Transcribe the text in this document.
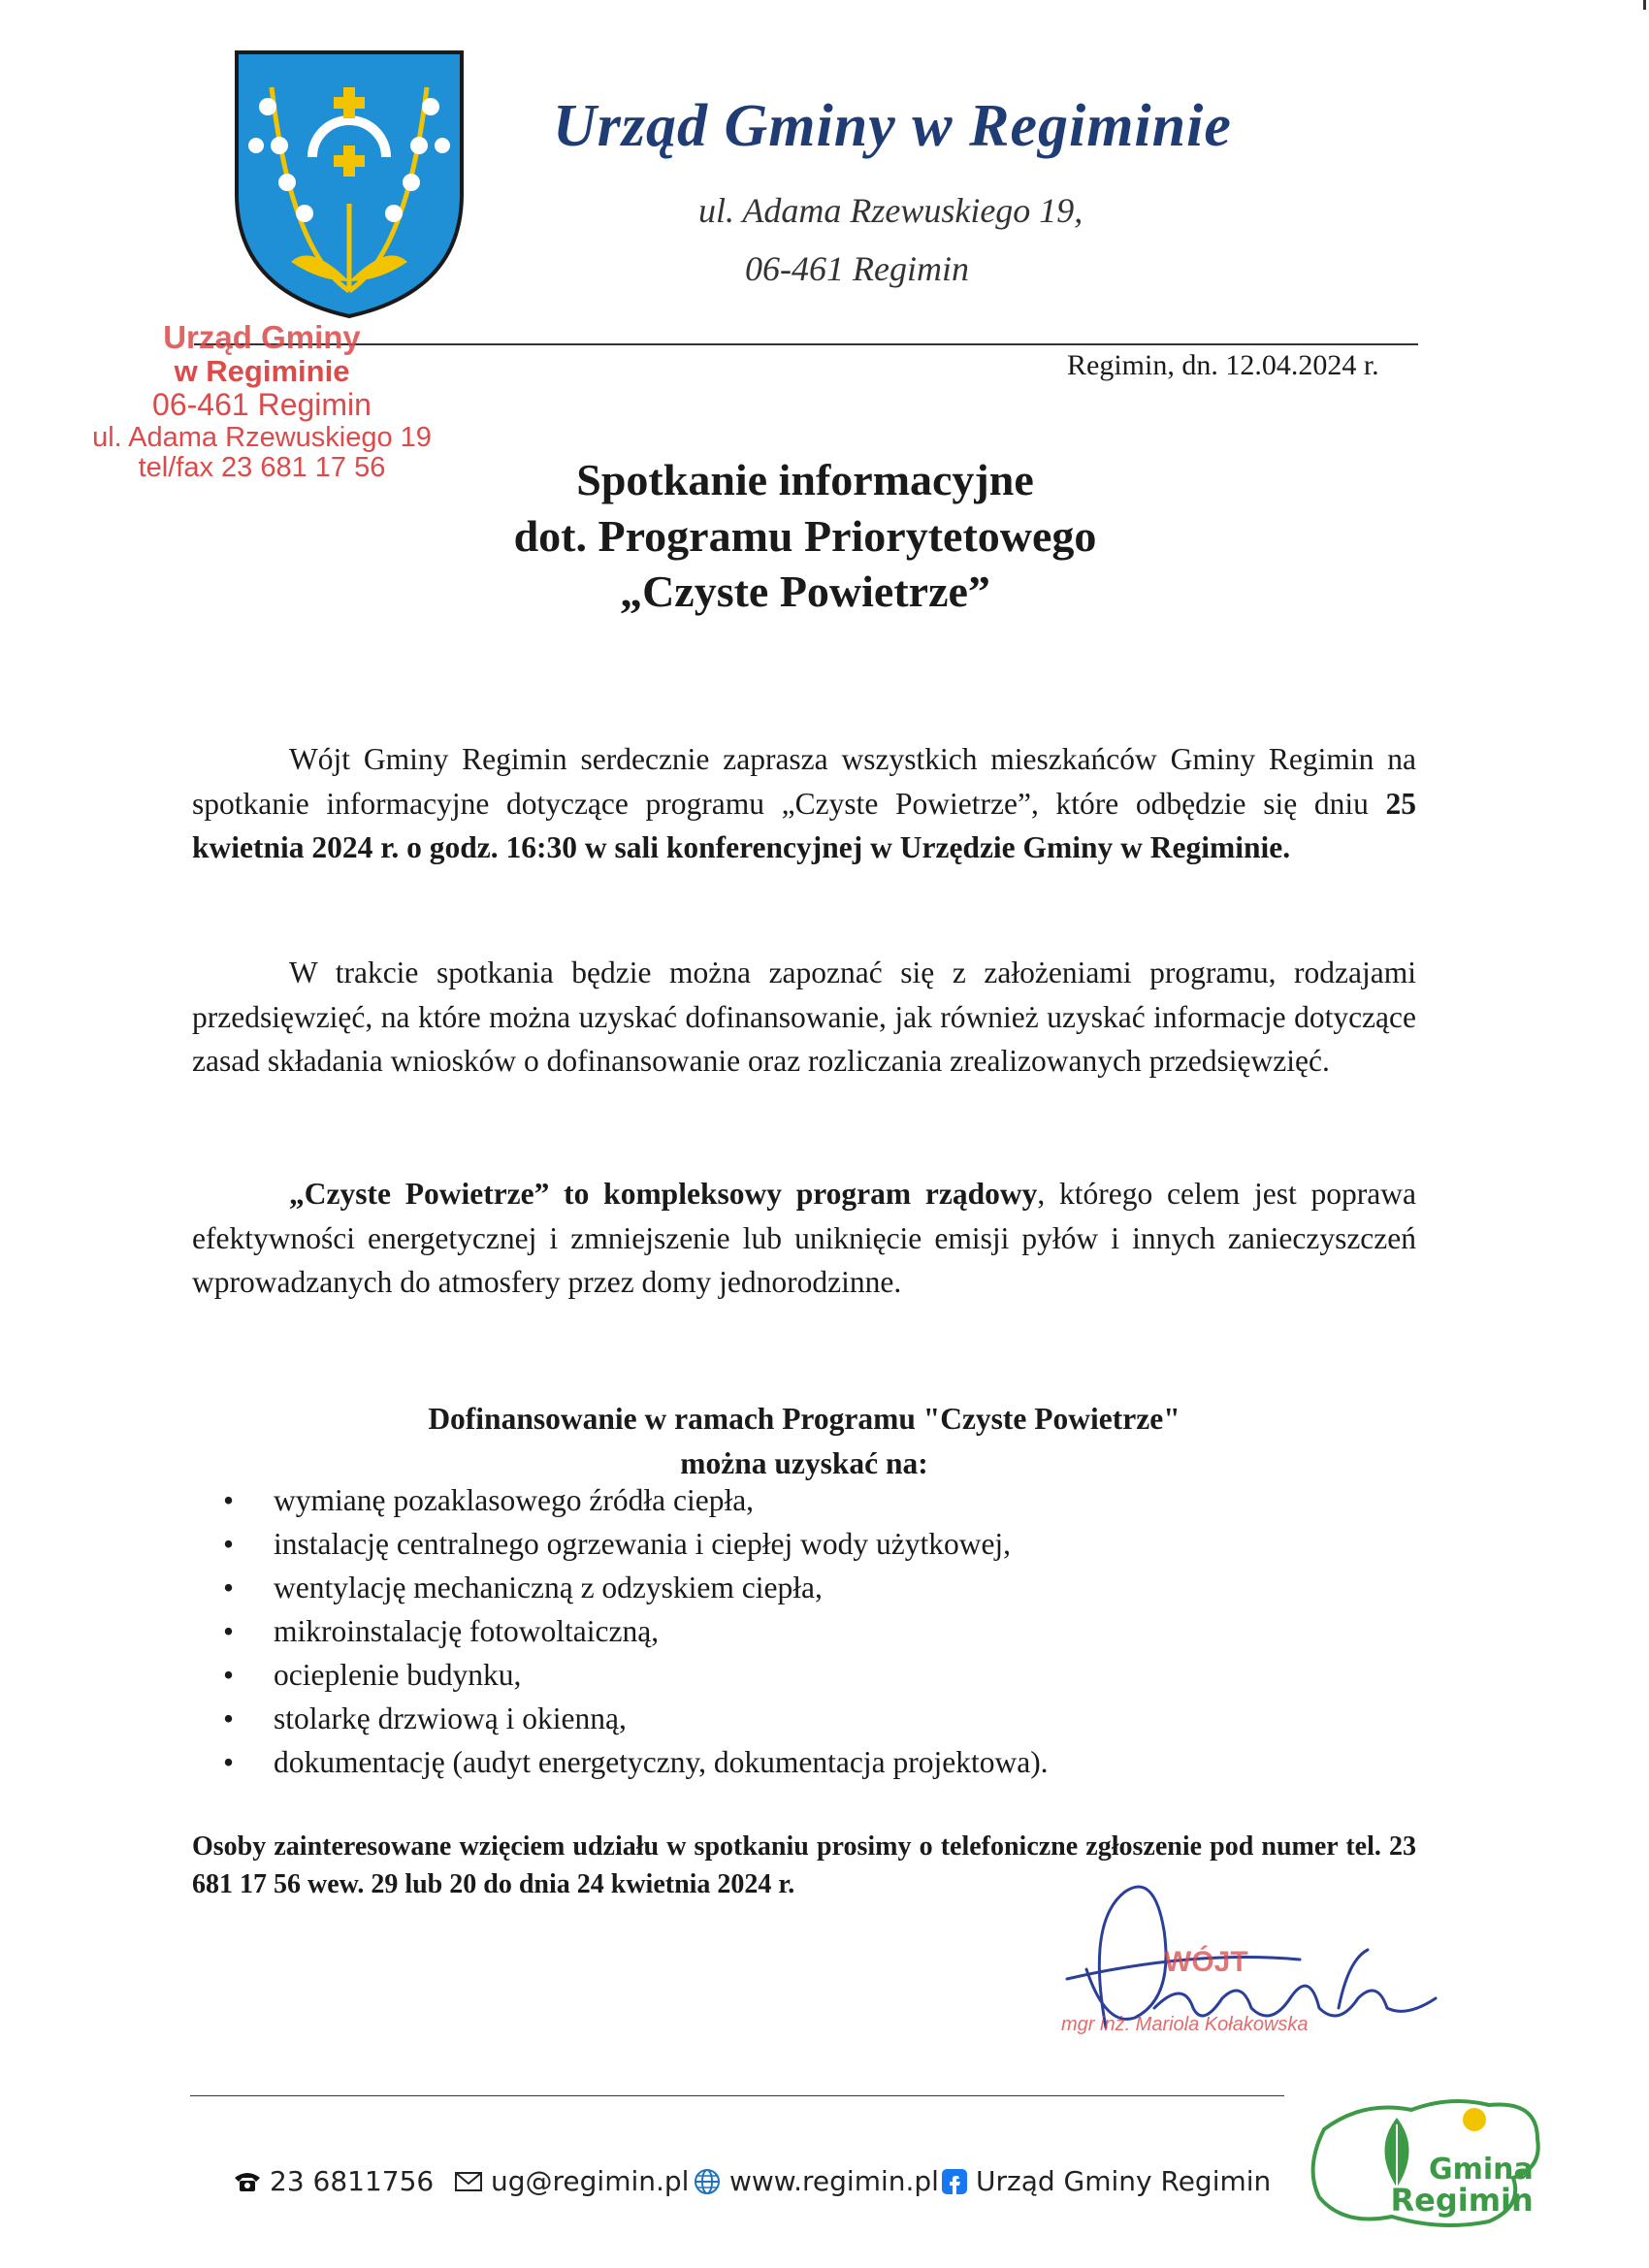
Urząd Gminy w Regiminie
ul. Adama Rzewuskiego 19,
06-461 Regimin
Urząd Gminy
w Regiminie
06-461 Regimin
ul. Adama Rzewuskiego 19
tel/fax 23 681 17 56
Regimin, dn. 12.04.2024 r.
Spotkanie informacyjne
dot. Programu Priorytetowego
„Czyste Powietrze”
Wójt Gminy Regimin serdecznie zaprasza wszystkich mieszkańców Gminy Regimin na spotkanie informacyjne dotyczące programu „Czyste Powietrze”, które odbędzie się dniu 25 kwietnia 2024 r. o godz. 16:30 w sali konferencyjnej w Urzędzie Gminy w Regiminie.
W trakcie spotkania będzie można zapoznać się z założeniami programu, rodzajami przedsięwzięć, na które można uzyskać dofinansowanie, jak również uzyskać informacje dotyczące zasad składania wniosków o dofinansowanie oraz rozliczania zrealizowanych przedsięwzięć.
„Czyste Powietrze” to kompleksowy program rządowy, którego celem jest poprawa efektywności energetycznej i zmniejszenie lub uniknięcie emisji pyłów i innych zanieczyszczeń wprowadzanych do atmosfery przez domy jednorodzinne.
Dofinansowanie w ramach Programu "Czyste Powietrze"
można uzyskać na:
• wymianę pozaklasowego źródła ciepła,
• instalację centralnego ogrzewania i ciepłej wody użytkowej,
• wentylację mechaniczną z odzyskiem ciepła,
• mikroinstalację fotowoltaiczną,
• ocieplenie budynku,
• stolarkę drzwiową i okienną,
• dokumentację (audyt energetyczny, dokumentacja projektowa).
Osoby zainteresowane wzięciem udziału w spotkaniu prosimy o telefoniczne zgłoszenie pod numer tel. 23 681 17 56 wew. 29 lub 20 do dnia 24 kwietnia 2024 r.
WÓJT
mgr inż. Mariola Kołakowska
23 6811756 ug@regimin.pl www.regimin.pl Urząd Gminy Regimin	Gmina
Regimin
